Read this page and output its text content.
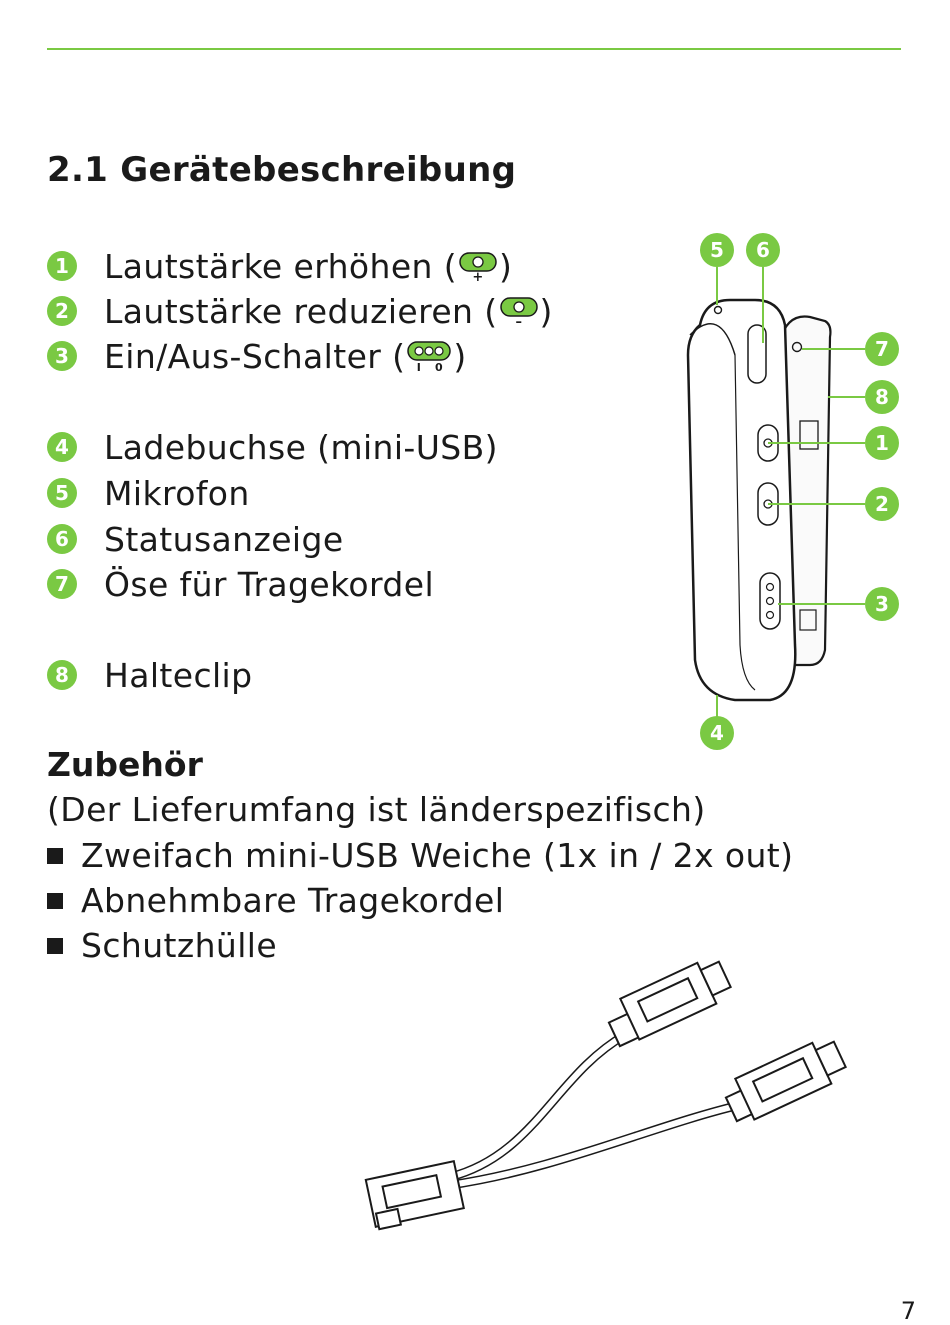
2.1 Gerätebeschreibung
1 Lautstärke erhöhen ( + )
2 Lautstärke reduzieren ( – )
3 Ein/Aus-Schalter ( I 0 )
4 Ladebuchse (mini-USB)
5 Mikrofon
6 Statusanzeige
7 Öse für Tragekordel
8 Halteclip
5 6
7
8
1
2
3
4
Zubehör
(Der Lieferumfang ist länderspezifisch)
Zweifach mini-USB Weiche (1x in / 2x out)
Abnehmbare Tragekordel
Schutzhülle
7
